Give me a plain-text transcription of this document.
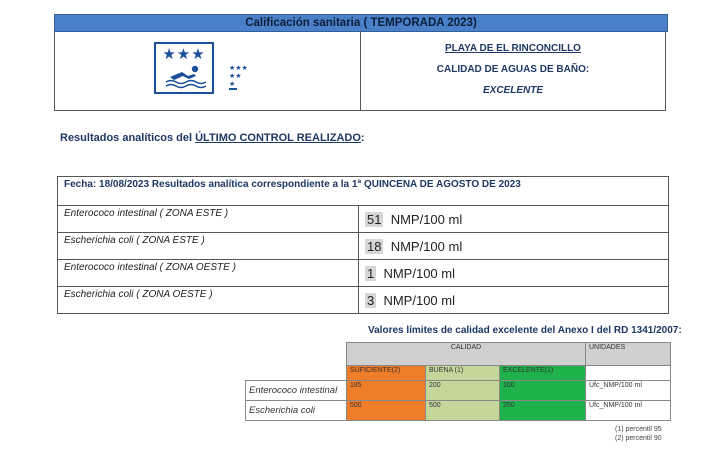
Calificación sanitaria ( TEMPORADA 2023)
★★★
★★★
★★
★
PLAYA DE EL RINCONCILLO
CALIDAD DE AGUAS DE BAÑO:
EXCELENTE
Resultados analíticos del ÚLTIMO CONTROL REALIZADO:
Fecha: 18/08/2023 Resultados analítica correspondiente a la 1ª QUINCENA DE AGOSTO DE 2023	
Enterococo intestinal ( ZONA ESTE )	51 NMP/100 ml
Escherichia coli ( ZONA ESTE )	18 NMP/100 ml
Enterococo intestinal ( ZONA OESTE )	1 NMP/100 ml
Escherichia coli ( ZONA OESTE )	3 NMP/100 ml
Valores límites de calidad excelente del Anexo I del RD 1341/2007:
	CALIDAD			UNIDADES
	SUFICIENTE(2)	BUENA (1)	EXCELENTE(1)	
Enterococo intestinal	185	200	100	Ufc_NMP/100 ml
Escherichia coli	500	500	250	Ufc_NMP/100 ml
(1) percentil 95
(2) percentil 90
